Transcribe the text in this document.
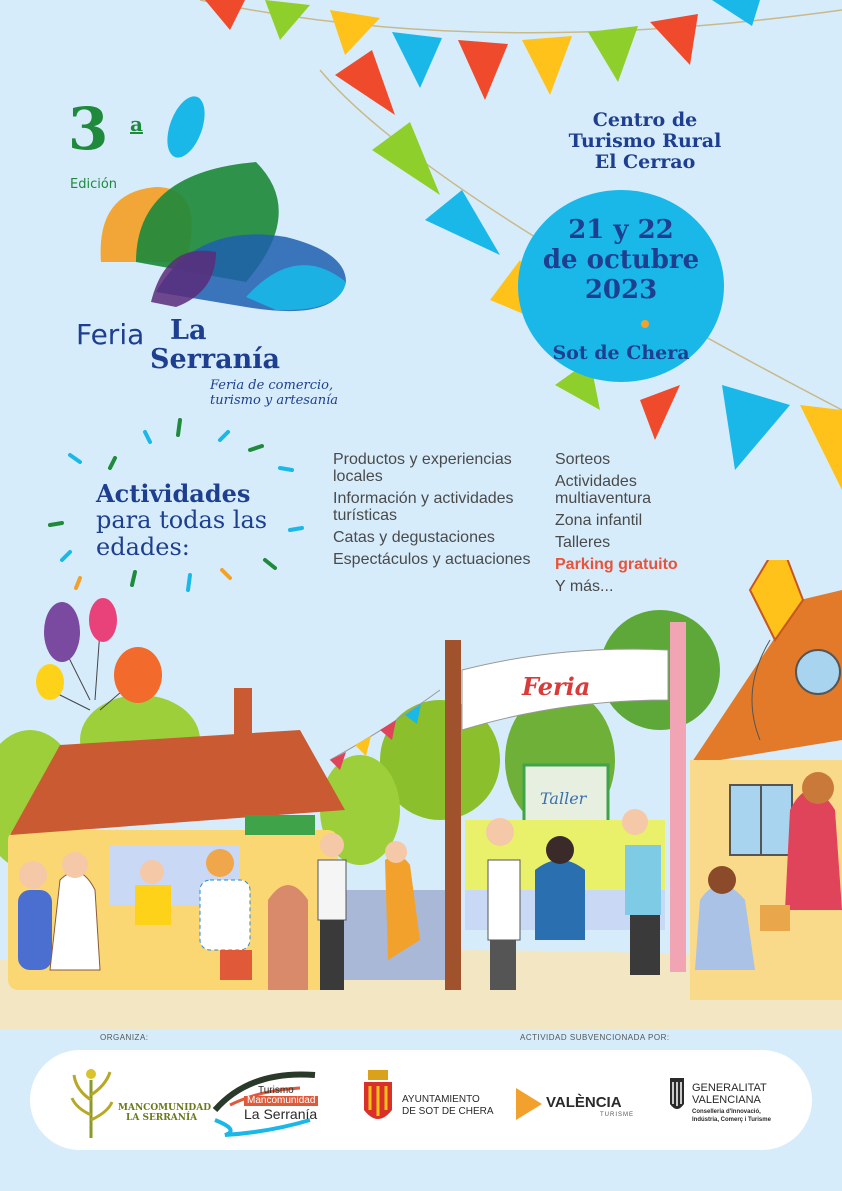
3 a
Edición
Feria La
Serranía
Feria de comercio,
turismo y artesanía
Centro de
Turismo Rural
El Cerrao
21 y 22
de octubre
2023
Sot de Chera
Actividades
para todas las
edades:
Productos y experiencias locales
Información y actividades turísticas
Catas y degustaciones
Espectáculos y actuaciones
Sorteos
Actividades multiaventura
Zona infantil
Talleres
Parking gratuito
Y más...
Feria
Taller
ORGANIZA:	ACTIVIDAD SUBVENCIONADA POR:
MANCOMUNIDAD
LA SERRANÍA
Turismo
Mancomunidad
La Serranía
AYUNTAMIENTO
DE SOT DE CHERA
VALÈNCIA
TURISME
GENERALITAT
VALENCIANA
Conselleria d'Innovació,
Indústria, Comerç i Turisme
